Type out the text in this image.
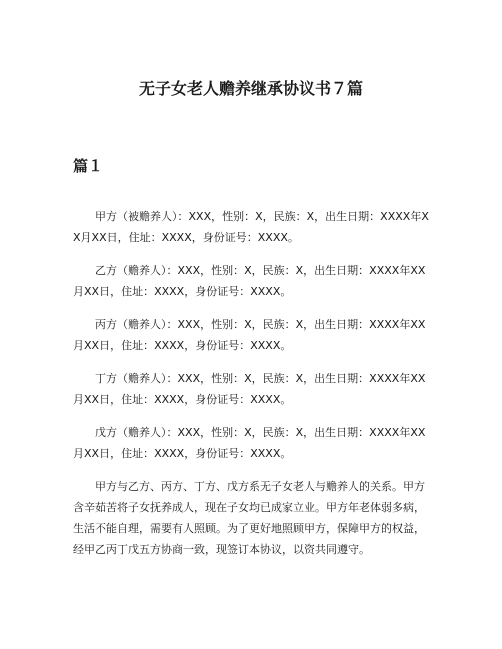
无子女老人赡养继承协议书７篇
篇１

甲方（被赡养人）：XXX，性别：X，民族：X，出生日期：XXXX年XX月XX日，住址：XXXX，身份证号：XXXX。

乙方（赡养人）：XXX，性别：X，民族：X，出生日期：XXXX年XX月XX日，住址：XXXX，身份证号：XXXX。

丙方（赡养人）：XXX，性别：X，民族：X，出生日期：XXXX年XX月XX日，住址：XXXX，身份证号：XXXX。

丁方（赡养人）：XXX，性别：X，民族：X，出生日期：XXXX年XX月XX日，住址：XXXX，身份证号：XXXX。

戊方（赡养人）：XXX，性别：X，民族：X，出生日期：XXXX年XX月XX日，住址：XXXX，身份证号：XXXX。

甲方与乙方、丙方、丁方、戊方系无子女老人与赡养人的关系。甲方含辛茹苦将子女抚养成人，现在子女均已成家立业。甲方年老体弱多病，生活不能自理，需要有人照顾。为了更好地照顾甲方，保障甲方的权益，经甲乙丙丁戊五方协商一致，现签订本协议，以资共同遵守。
